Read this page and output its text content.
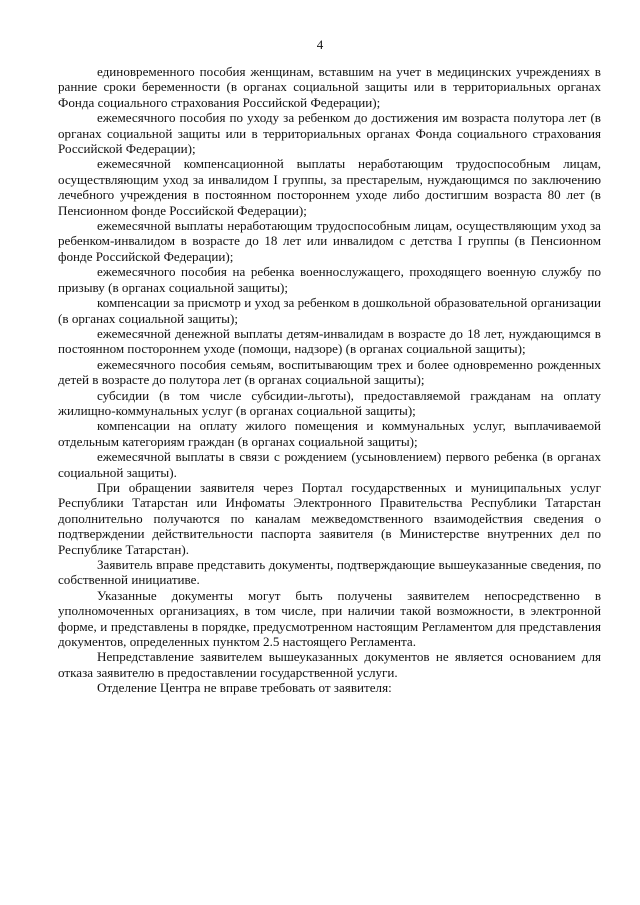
4

единовременного пособия женщинам, вставшим на учет в медицинских учреждениях в ранние сроки беременности (в органах социальной защиты или в территориальных органах Фонда социального страхования Российской Федерации);

ежемесячного пособия по уходу за ребенком до достижения им возраста полутора лет (в органах социальной защиты или в территориальных органах Фонда социального страхования Российской Федерации);

ежемесячной компенсационной выплаты неработающим трудоспособным лицам, осуществляющим уход за инвалидом I группы, за престарелым, нуждающимся по заключению лечебного учреждения в постоянном постороннем уходе либо достигшим возраста 80 лет (в Пенсионном фонде Российской Федерации);

ежемесячной выплаты неработающим трудоспособным лицам, осуществляющим уход за ребенком-инвалидом в возрасте до 18 лет или инвалидом с детства I группы (в Пенсионном фонде Российской Федерации);

ежемесячного пособия на ребенка военнослужащего, проходящего военную службу по призыву (в органах социальной защиты);

компенсации за присмотр и уход за ребенком в дошкольной образовательной организации (в органах социальной защиты);

ежемесячной денежной выплаты детям-инвалидам в возрасте до 18 лет, нуждающимся в постоянном постороннем уходе (помощи, надзоре) (в органах социальной защиты);

ежемесячного пособия семьям, воспитывающим трех и более одновременно рожденных детей в возрасте до полутора лет (в органах социальной защиты);

субсидии (в том числе субсидии-льготы), предоставляемой гражданам на оплату жилищно-коммунальных услуг (в органах социальной защиты);

компенсации на оплату жилого помещения и коммунальных услуг, выплачиваемой отдельным категориям граждан (в органах социальной защиты);

ежемесячной выплаты в связи с рождением (усыновлением) первого ребенка (в органах социальной защиты).

При обращении заявителя через Портал государственных и муниципальных услуг Республики Татарстан или Инфоматы Электронного Правительства Республики Татарстан дополнительно получаются по каналам межведомственного взаимодействия сведения о подтверждении действительности паспорта заявителя (в Министерстве внутренних дел по Республике Татарстан).

Заявитель вправе представить документы, подтверждающие вышеуказанные сведения, по собственной инициативе.

Указанные документы могут быть получены заявителем непосредственно в уполномоченных организациях, в том числе, при наличии такой возможности, в электронной форме, и представлены в порядке, предусмотренном настоящим Регламентом для представления документов, определенных пунктом 2.5 настоящего Регламента.

Непредставление заявителем вышеуказанных документов не является основанием для отказа заявителю в предоставлении государственной услуги.

Отделение Центра не вправе требовать от заявителя:
